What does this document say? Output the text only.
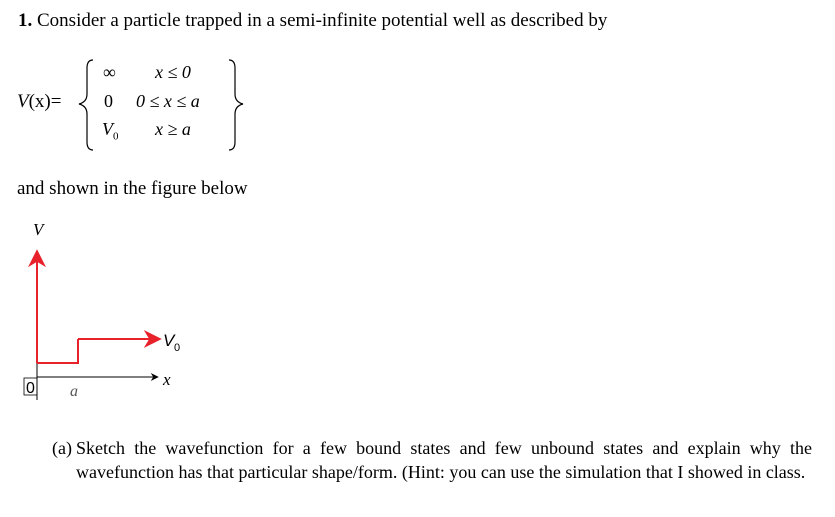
1. Consider a particle trapped in a semi-infinite potential well as described by
V(x)=
∞ x ≤ 0
0 0 ≤ x ≤ a
$V_0$ x ≥ a
and shown in the figure below
V
V 0
x
0 a
(a) Sketch the wavefunction for a few bound states and few unbound states and explain why the wavefunction has that particular shape/form. (Hint: you can use the simulation that I showed in class.
